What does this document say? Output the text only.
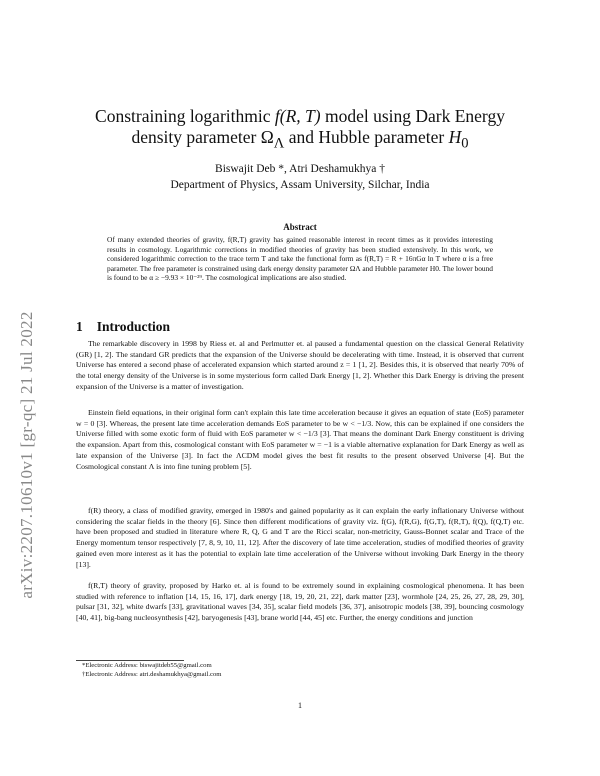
arXiv:2207.10610v1 [gr-qc] 21 Jul 2022
Constraining logarithmic f(R, T) model using Dark Energy
density parameter $\Omega_\Lambda$ and Hubble parameter $H_0$
Biswajit Deb *, Atri Deshamukhya †
Department of Physics, Assam University, Silchar, India
Abstract
Of many extended theories of gravity, f(R,T) gravity has gained reasonable interest in recent times as it provides interesting results in cosmology. Logarithmic corrections in modified theories of gravity has been studied extensively. In this work, we considered logarithmic correction to the trace term T and take the functional form as f(R,T) = R + 16πGα ln T where α is a free parameter. The free parameter is constrained using dark energy density parameter ΩΛ and Hubble parameter H0. The lower bound is found to be α ≥ −9.93 × 10⁻²⁹. The cosmological implications are also studied.
1 Introduction
The remarkable discovery in 1998 by Riess et. al and Perlmutter et. al paused a fundamental question on the classical General Relativity (GR) [1, 2]. The standard GR predicts that the expansion of the Universe should be decelerating with time. Instead, it is observed that current Universe has entered a second phase of accelerated expansion which started around z = 1 [1, 2]. Besides this, it is observed that nearly 70% of the total energy density of the Universe is in some mysterious form called Dark Energy [1, 2]. Whether this Dark Energy is driving the present expansion of the Universe is a matter of investigation.
Einstein field equations, in their original form can't explain this late time acceleration because it gives an equation of state (EoS) parameter w = 0 [3]. Whereas, the present late time acceleration demands EoS parameter to be w < −1/3. Now, this can be explained if one considers the Universe filled with some exotic form of fluid with EoS parameter w < −1/3 [3]. That means the dominant Dark Energy constituent is driving the expansion. Apart from this, cosmological constant with EoS parameter w = −1 is a viable alternative explanation for Dark Energy as well as late expansion of the Universe [3]. In fact the ΛCDM model gives the best fit results to the present observed Universe [4]. But the Cosmological constant Λ is into fine tuning problem [5].
f(R) theory, a class of modified gravity, emerged in 1980's and gained popularity as it can explain the early inflationary Universe without considering the scalar fields in the theory [6]. Since then different modifications of gravity viz. f(G), f(R,G), f(G,T), f(R,T), f(Q), f(Q,T) etc. have been proposed and studied in literature where R, Q, G and T are the Ricci scalar, non-metricity, Gauss-Bonnet scalar and Trace of the Energy momentum tensor respectively [7, 8, 9, 10, 11, 12]. After the discovery of late time acceleration, studies of modified theories of gravity gained even more interest as it has the potential to explain late time acceleration of the Universe without invoking Dark Energy in the theory [13].
f(R,T) theory of gravity, proposed by Harko et. al is found to be extremely sound in explaining cosmological phenomena. It has been studied with reference to inflation [14, 15, 16, 17], dark energy [18, 19, 20, 21, 22], dark matter [23], wormhole [24, 25, 26, 27, 28, 29, 30], pulsar [31, 32], white dwarfs [33], gravitational waves [34, 35], scalar field models [36, 37], anisotropic models [38, 39], bouncing cosmology [40, 41], big-bang nucleosynthesis [42], baryogenesis [43], brane world [44, 45] etc. Further, the energy conditions and junction
*Electronic Address: biswajitdeb55@gmail.com
†Electronic Address: atri.deshamukhya@gmail.com
1
